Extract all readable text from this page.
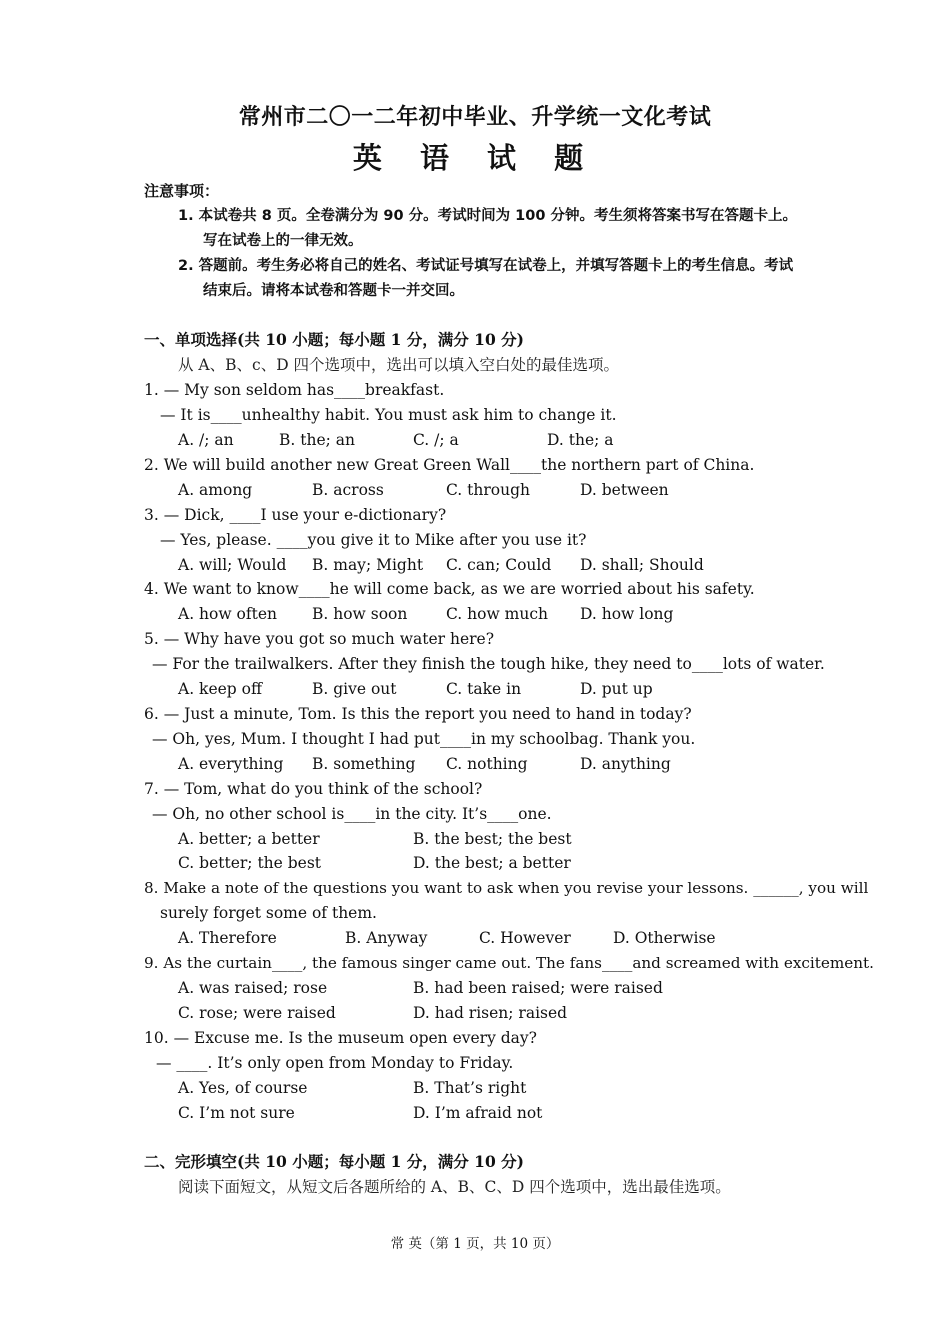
常州市二〇一二年初中毕业、升学统一文化考试
英 语 试 题
注意事项：
1. 本试卷共 8 页。全卷满分为 90 分。考试时间为 100 分钟。考生须将答案书写在答题卡上。写在试卷上的一律无效。
2. 答题前。考生务必将自己的姓名、考试证号填写在试卷上，并填写答题卡上的考生信息。考试结束后。请将本试卷和答题卡一并交回。
一、单项选择(共 10 小题；每小题 1 分，满分 10 分)
从 A、B、c、D 四个选项中，选出可以填入空白处的最佳选项。
1. — My son seldom has____breakfast.
— It is____unhealthy habit. You must ask him to change it.
A. /; an	B. the; an	C. /; a	D. the; a
2. We will build another new Great Green Wall____the northern part of China.
A. among	B. across	C. through	D. between
3. — Dick, ____I use your e-dictionary?
— Yes, please. ____you give it to Mike after you use it?
A. will; Would	B. may; Might	C. can; Could	D. shall; Should
4. We want to know____he will come back, as we are worried about his safety.
A. how often	B. how soon	C. how much	D. how long
5. — Why have you got so much water here?
— For the trailwalkers. After they finish the tough hike, they need to____lots of water.
A. keep off	B. give out	C. take in	D. put up
6. — Just a minute, Tom. Is this the report you need to hand in today?
— Oh, yes, Mum. I thought I had put____in my schoolbag. Thank you.
A. everything	B. something	C. nothing	D. anything
7. — Tom, what do you think of the school?
— Oh, no other school is____in the city. It’s____one.
A. better; a better	B. the best; the best
C. better; the best	D. the best; a better
8. Make a note of the questions you want to ask when you revise your lessons. ______, you will
surely forget some of them.
A. Therefore	B. Anyway	C. However	D. Otherwise
9. As the curtain____, the famous singer came out. The fans____and screamed with excitement.
A. was raised; rose	B. had been raised; were raised
C. rose; were raised	D. had risen; raised
10. — Excuse me. Is the museum open every day?
— ____. It’s only open from Monday to Friday.
A. Yes, of course	B. That’s right
C. I’m not sure	D. I’m afraid not
二、完形填空(共 10 小题；每小题 1 分，满分 10 分)
阅读下面短文，从短文后各题所给的 A、B、C、D 四个选项中，选出最佳选项。
常 英（第 1 页，共 10 页）
